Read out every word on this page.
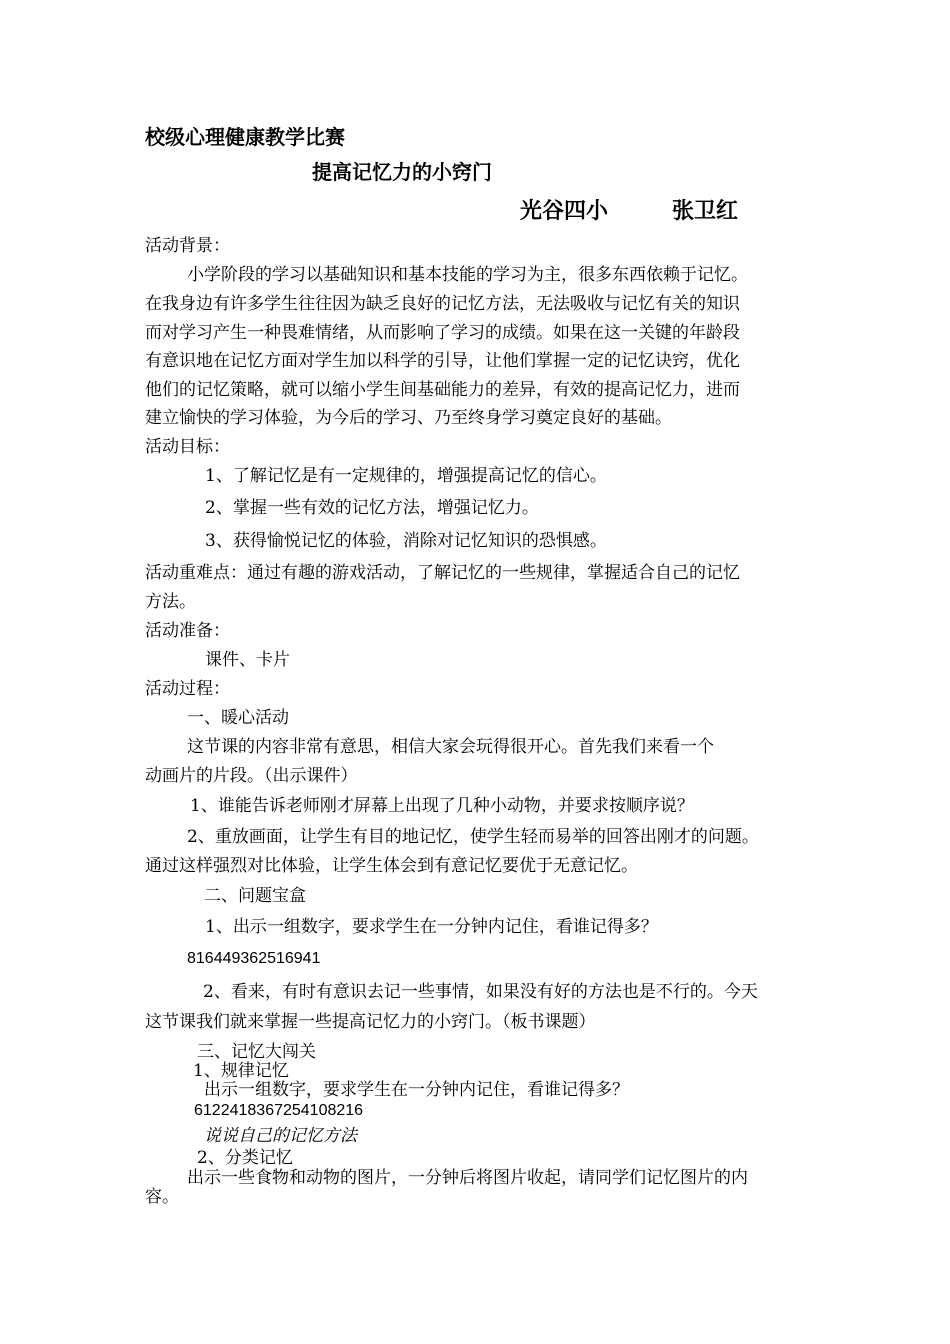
校级心理健康教学比赛
提高记忆力的小窍门
光谷四小	张卫红
活动背景：
小学阶段的学习以基础知识和基本技能的学习为主，很多东西依赖于记忆。
在我身边有许多学生往往因为缺乏良好的记忆方法，无法吸收与记忆有关的知识
而对学习产生一种畏难情绪，从而影响了学习的成绩。如果在这一关键的年龄段
有意识地在记忆方面对学生加以科学的引导，让他们掌握一定的记忆诀窍，优化
他们的记忆策略，就可以缩小学生间基础能力的差异，有效的提高记忆力，进而
建立愉快的学习体验，为今后的学习、乃至终身学习奠定良好的基础。
活动目标：
1、了解记忆是有一定规律的，增强提高记忆的信心。
2、掌握一些有效的记忆方法，增强记忆力。
3、获得愉悦记忆的体验，消除对记忆知识的恐惧感。
活动重难点：通过有趣的游戏活动，了解记忆的一些规律，掌握适合自己的记忆
方法。
活动准备：
课件、卡片
活动过程：
一、暖心活动
这节课的内容非常有意思，相信大家会玩得很开心。首先我们来看一个
动画片的片段。（出示课件）
1、谁能告诉老师刚才屏幕上出现了几种小动物，并要求按顺序说？
2、重放画面，让学生有目的地记忆，使学生轻而易举的回答出刚才的问题。
通过这样强烈对比体验，让学生体会到有意记忆要优于无意记忆。
二、问题宝盒
1、出示一组数字，要求学生在一分钟内记住，看谁记得多？
816449362516941
2、看来，有时有意识去记一些事情，如果没有好的方法也是不行的。今天
这节课我们就来掌握一些提高记忆力的小窍门。（板书课题）
三、记忆大闯关
1、规律记忆
出示一组数字，要求学生在一分钟内记住，看谁记得多？
612241836725410821​6
说说自己的记忆方法
2、分类记忆
出示一些食物和动物的图片，一分钟后将图片收起，请同学们记忆图片的内
容。
